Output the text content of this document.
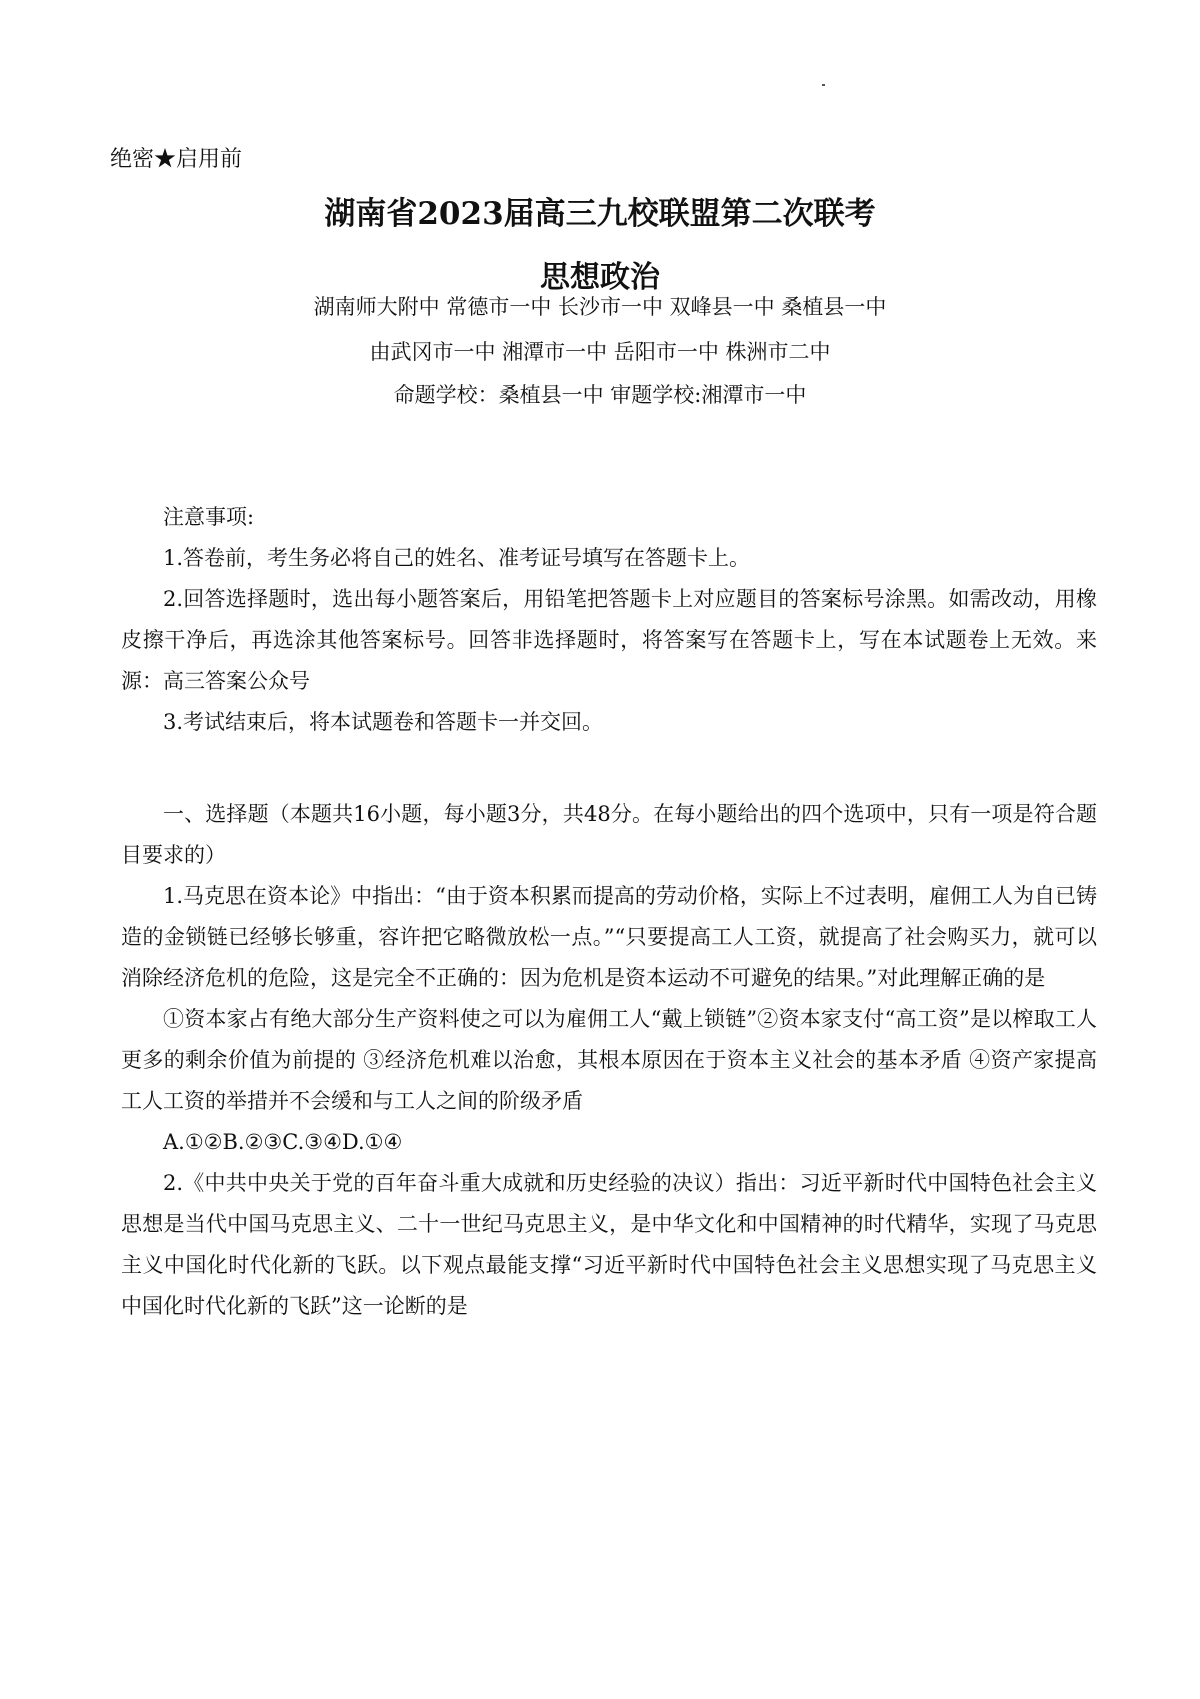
绝密★启用前
湖南省2023届高三九校联盟第二次联考
思想政治
湖南师大附中 常德市一中 长沙市一中 双峰县一中 桑植县一中
由武冈市一中 湘潭市一中 岳阳市一中 株洲市二中
命题学校：桑植县一中 审题学校:湘潭市一中

注意事项:

1.答卷前，考生务必将自己的姓名、准考证号填写在答题卡上。

2.回答选择题时，选出每小题答案后，用铅笔把答题卡上对应题目的答案标号涂黑。如需改动，用橡皮擦干净后，再选涂其他答案标号。回答非选择题时，将答案写在答题卡上，写在本试题卷上无效。来源：高三答案公众号

3.考试结束后，将本试题卷和答题卡一并交回。

一、选择题（本题共16小题，每小题3分，共48分。在每小题给出的四个选项中，只有一项是符合题目要求的）

1.马克思在资本论》中指出：“由于资本积累而提高的劳动价格，实际上不过表明，雇佣工人为自已铸造的金锁链已经够长够重，容许把它略微放松一点。”“只要提高工人工资，就提高了社会购买力，就可以消除经济危机的危险，这是完全不正确的：因为危机是资本运动不可避免的结果。”对此理解正确的是

①资本家占有绝大部分生产资料使之可以为雇佣工人“戴上锁链”②资本家支付“高工资”是以榨取工人更多的剩余价值为前提的 ③经济危机难以治愈，其根本原因在于资本主义社会的基本矛盾 ④资产家提高工人工资的举措并不会缓和与工人之间的阶级矛盾

A.①②B.②③C.③④D.①④

2.《中共中央关于党的百年奋斗重大成就和历史经验的决议）指出：习近平新时代中国特色社会主义思想是当代中国马克思主义、二十一世纪马克思主义，是中华文化和中国精神的时代精华，实现了马克思主义中国化时代化新的飞跃。以下观点最能支撑“习近平新时代中国特色社会主义思想实现了马克思主义中国化时代化新的飞跃”这一论断的是
